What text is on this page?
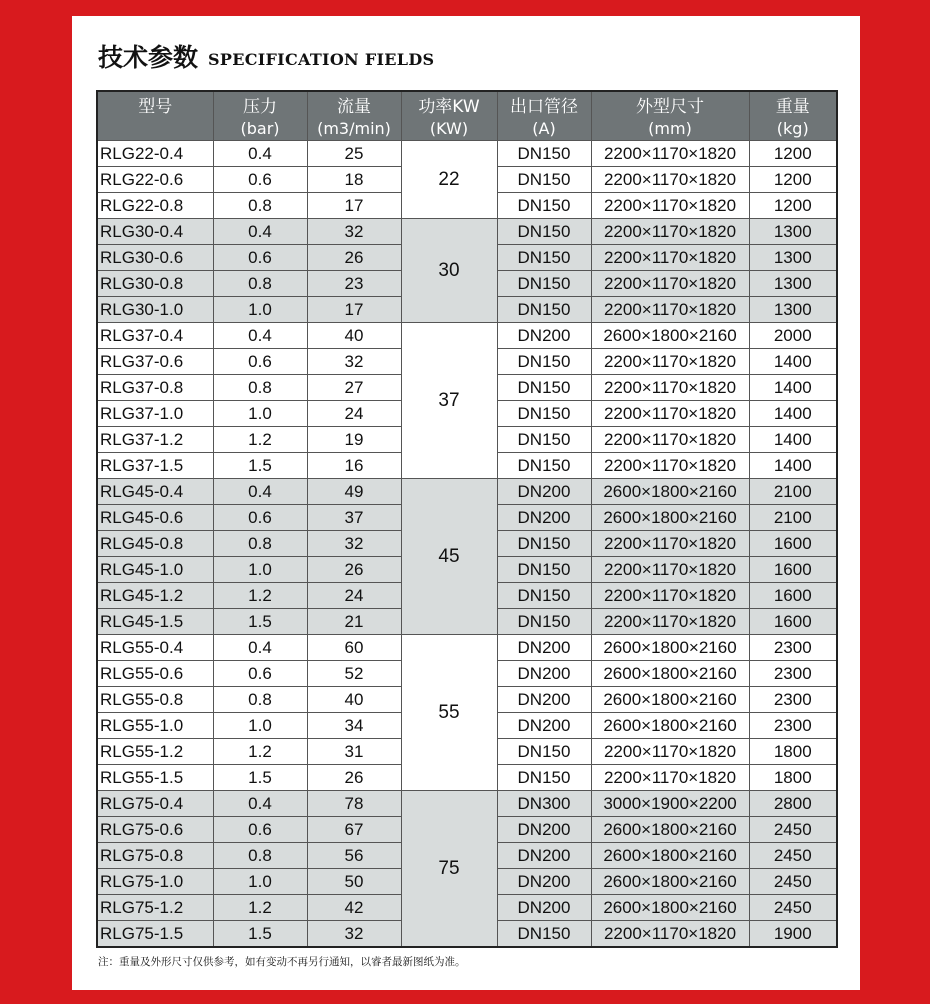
技术参数 SPECIFICATION FIELDS
型号	压力	流量	功率KW	出口管径	外型尺寸	重量
	(bar)	(m3/min)	(KW)	(A)	(mm)	(kg)
RLG22-0.4	0.4	25	22	DN150	2200×1170×1820	1200
RLG22-0.6	0.6	18		DN150	2200×1170×1820	1200
RLG22-0.8	0.8	17		DN150	2200×1170×1820	1200
RLG30-0.4	0.4	32	30	DN150	2200×1170×1820	1300
RLG30-0.6	0.6	26		DN150	2200×1170×1820	1300
RLG30-0.8	0.8	23		DN150	2200×1170×1820	1300
RLG30-1.0	1.0	17		DN150	2200×1170×1820	1300
RLG37-0.4	0.4	40	37	DN200	2600×1800×2160	2000
RLG37-0.6	0.6	32		DN150	2200×1170×1820	1400
RLG37-0.8	0.8	27		DN150	2200×1170×1820	1400
RLG37-1.0	1.0	24		DN150	2200×1170×1820	1400
RLG37-1.2	1.2	19		DN150	2200×1170×1820	1400
RLG37-1.5	1.5	16		DN150	2200×1170×1820	1400
RLG45-0.4	0.4	49	45	DN200	2600×1800×2160	2100
RLG45-0.6	0.6	37		DN200	2600×1800×2160	2100
RLG45-0.8	0.8	32		DN150	2200×1170×1820	1600
RLG45-1.0	1.0	26		DN150	2200×1170×1820	1600
RLG45-1.2	1.2	24		DN150	2200×1170×1820	1600
RLG45-1.5	1.5	21		DN150	2200×1170×1820	1600
RLG55-0.4	0.4	60	55	DN200	2600×1800×2160	2300
RLG55-0.6	0.6	52		DN200	2600×1800×2160	2300
RLG55-0.8	0.8	40		DN200	2600×1800×2160	2300
RLG55-1.0	1.0	34		DN200	2600×1800×2160	2300
RLG55-1.2	1.2	31		DN150	2200×1170×1820	1800
RLG55-1.5	1.5	26		DN150	2200×1170×1820	1800
RLG75-0.4	0.4	78	75	DN300	3000×1900×2200	2800
RLG75-0.6	0.6	67		DN200	2600×1800×2160	2450
RLG75-0.8	0.8	56		DN200	2600×1800×2160	2450
RLG75-1.0	1.0	50		DN200	2600×1800×2160	2450
RLG75-1.2	1.2	42		DN200	2600×1800×2160	2450
RLG75-1.5	1.5	32		DN150	2200×1170×1820	1900
注：重量及外形尺寸仅供参考，如有变动不再另行通知，以睿者最新图纸为准。
